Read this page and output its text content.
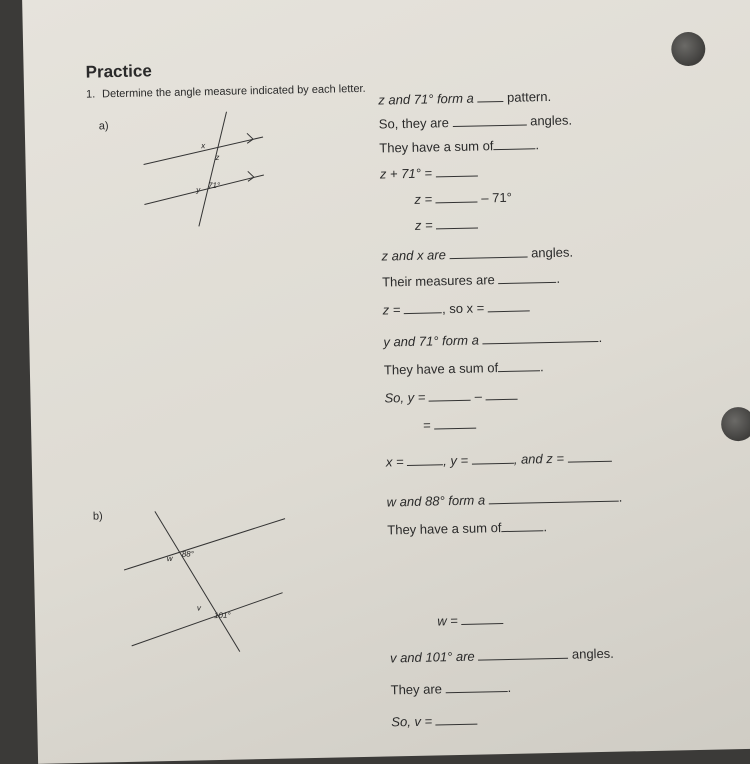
Practice
1. Determine the angle measure indicated by each letter.
a)
x
z
y 71°
z and 71° form a	pattern.
So, they are	angles.
They have a sum of	.
z + 71° =
z =	– 71°
z =
z and x are	angles.
Their measures are	.
z =	, so x =
y and 71° form a	.
They have a sum of	.
So, y =	–
=
x =	, y =	, and z =
b)
w 88°
v
101°
w and 88° form a	.
They have a sum of	.
w =
v and 101° are	angles.
They are	.
So, v =
